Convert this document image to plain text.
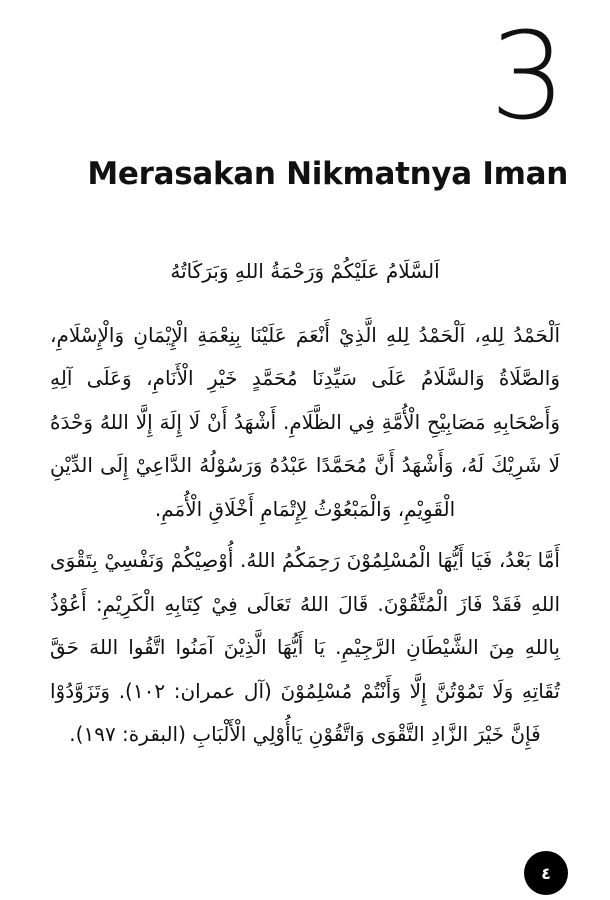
3
Merasakan Nikmatnya Iman

اَلسَّلَامُ عَلَيْكُمْ وَرَحْمَةُ اللهِ وَبَرَكَاتُهُ

اَلْحَمْدُ لِلهِ، اَلْحَمْدُ لِلهِ الَّذِيْ أَنْعَمَ عَلَيْنَا بِنِعْمَةِ الْإِيْمَانِ وَالْإِسْلَامِ، وَالصَّلَاةُ وَالسَّلَامُ عَلَى سَيِّدِنَا مُحَمَّدٍ خَيْرِ الْأَنَامِ، وَعَلَى آلِهِ وَأَصْحَابِهِ مَصَابِيْحِ الْأُمَّةِ فِي الظَّلَامِ. أَشْهَدُ أَنْ لَا إِلَهَ إِلَّا اللهُ وَحْدَهُ لَا شَرِيْكَ لَهُ، وَأَشْهَدُ أَنَّ مُحَمَّدًا عَبْدُهُ وَرَسُوْلُهُ الدَّاعِيْ إِلَى الدِّيْنِ الْقَوِيْمِ، وَالْمَبْعُوْثُ لِإِتْمَامِ أَخْلَاقِ الْأُمَمِ.

أَمَّا بَعْدُ، فَيَا أَيُّهَا الْمُسْلِمُوْنَ رَحِمَكُمُ اللهُ. أُوْصِيْكُمْ وَنَفْسِيْ بِتَقْوَى اللهِ فَقَدْ فَازَ الْمُتَّقُوْنَ. قَالَ اللهُ تَعَالَى فِيْ كِتَابِهِ الْكَرِيْمِ: أَعُوْذُ بِاللهِ مِنَ الشَّيْطَانِ الرَّجِيْمِ. يَا أَيُّهَا الَّذِيْنَ آمَنُوا اتَّقُوا اللهَ حَقَّ تُقَاتِهِ وَلَا تَمُوْتُنَّ إِلَّا وَأَنْتُمْ مُسْلِمُوْنَ (آل عمران: ١٠٢). وَتَزَوَّدُوْا فَإِنَّ خَيْرَ الزَّادِ التَّقْوَى وَاتَّقُوْنِ يَاأُوْلِي الْأَلْبَابِ (البقرة: ١٩٧).

٤
